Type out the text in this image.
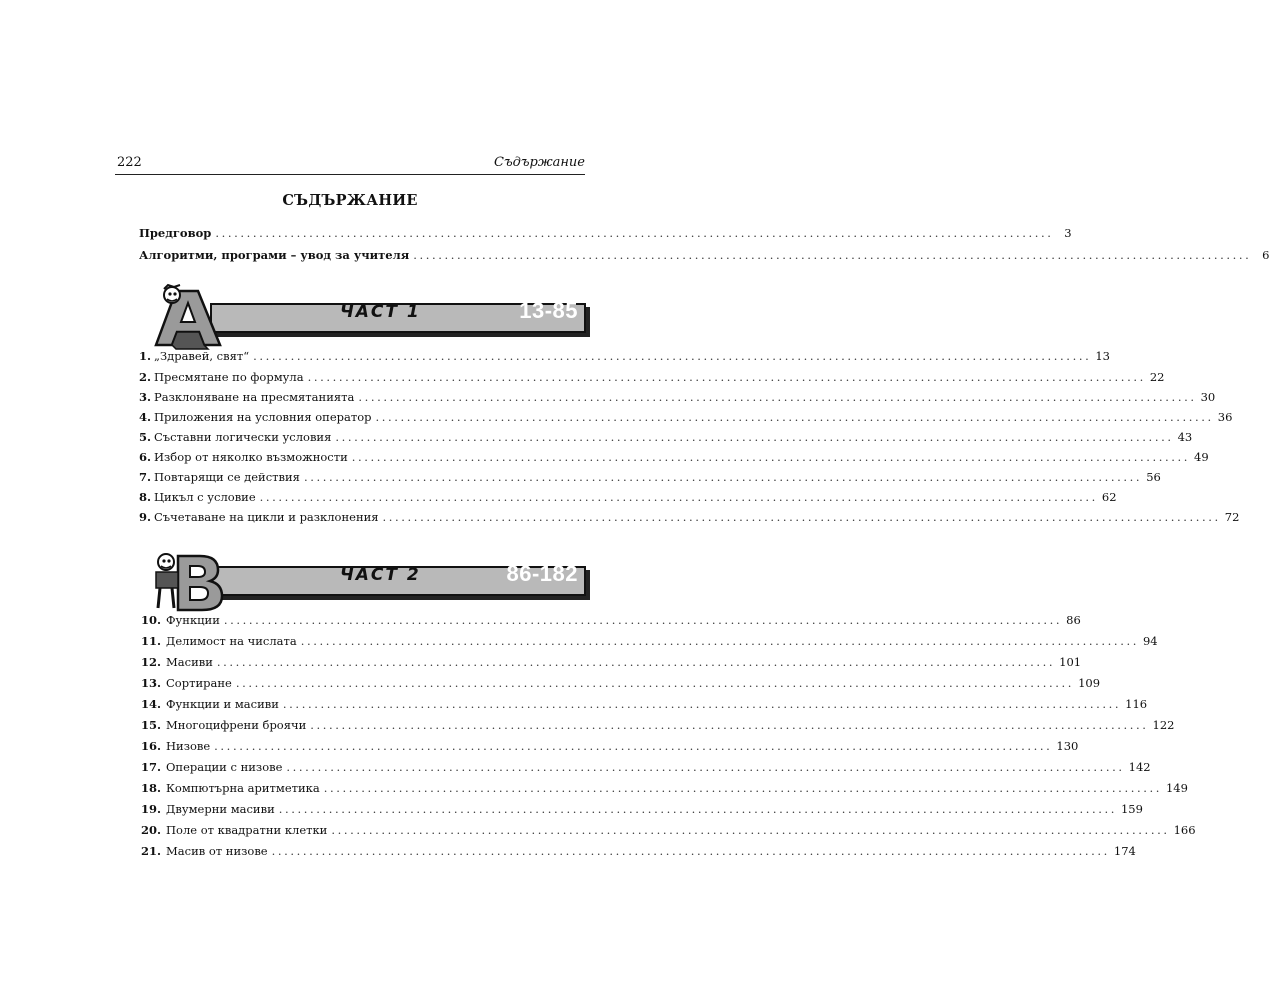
222	Съдържание
СЪДЪРЖАНИЕ
Предговор ...................................................................................................................................... 3
Алгоритми, програми – увод за учителя ...................................................................................................................................... 6
ЧАСТ 1	13-85
1. „Здравей, свят“ ...................................................................................................................................... 13
2. Пресмятане по формула ...................................................................................................................................... 22
3. Разклоняване на пресмятанията ...................................................................................................................................... 30
4. Приложения на условния оператор ...................................................................................................................................... 36
5. Съставни логически условия ...................................................................................................................................... 43
6. Избор от няколко възможности ...................................................................................................................................... 49
7. Повтарящи се действия ...................................................................................................................................... 56
8. Цикъл с условие ...................................................................................................................................... 62
9. Съчетаване на цикли и разклонения ...................................................................................................................................... 72
ЧАСТ 2	86-182
10. Функции ...................................................................................................................................... 86
11. Делимост на числата ...................................................................................................................................... 94
12. Масиви ...................................................................................................................................... 101
13. Сортиране ...................................................................................................................................... 109
14. Функции и масиви ...................................................................................................................................... 116
15. Многоцифрени броячи ...................................................................................................................................... 122
16. Низове ...................................................................................................................................... 130
17. Операции с низове ...................................................................................................................................... 142
18. Компютърна аритметика ...................................................................................................................................... 149
19. Двумерни масиви ...................................................................................................................................... 159
20. Поле от квадратни клетки ...................................................................................................................................... 166
21. Масив от низове ...................................................................................................................................... 174
